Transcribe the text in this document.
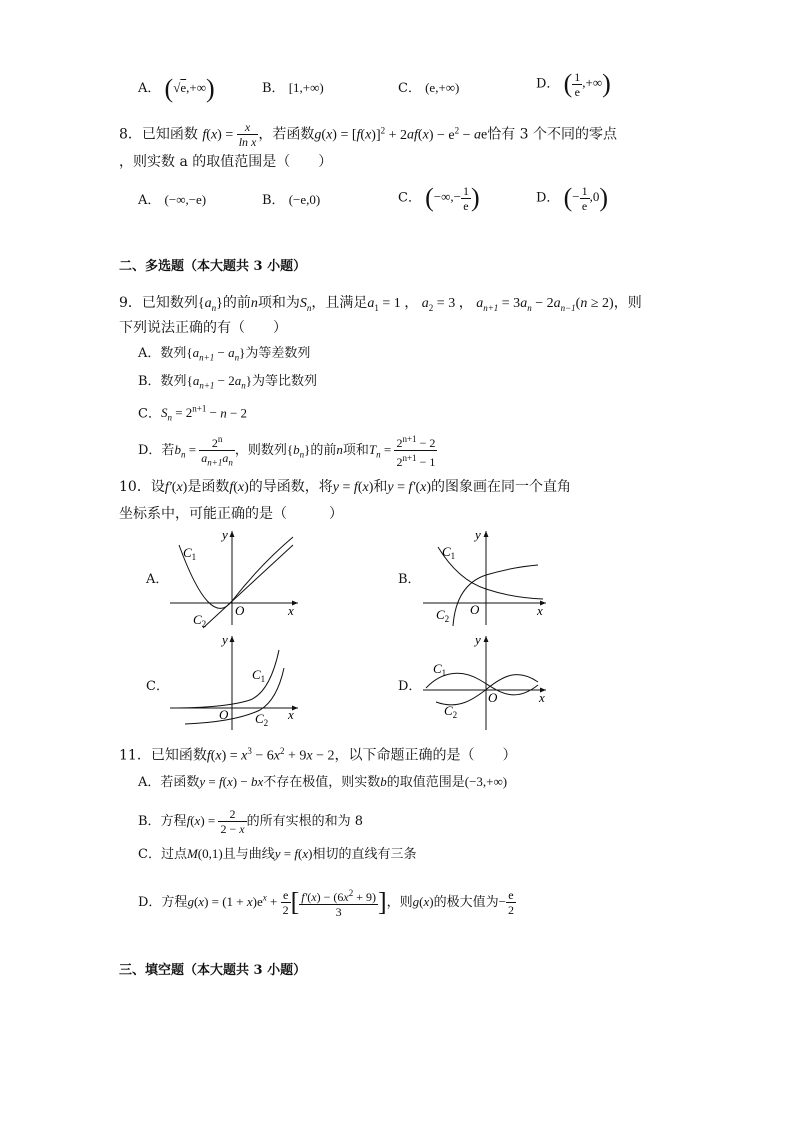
A． (√e,+∞)	B． [1,+∞)	C． (e,+∞)	D． ( $\frac{1}{e}$ ,+∞)
8．已知函数 $f(x) = \frac{x}{\text{ln x}}$ ，若函数$g(x) = [f(x)]^2 + 2af(x) - e^2$ − ae恰有 3 个不同的零点
，则实数 a 的取值范围是（　　）
A． (−∞,−e)	B． (−e,0)	C． (−∞,− $\frac{1}{e}$ )	D． (− $\frac{1}{e} ,0$)
二、多选题（本大题共 3 小题）
9．已知数列$\{a_n\}$的前n项和为$S_n$，且满足$a_1 = 1$ ， $a_2 = 3$ ， $a_{n+1} = 3a_n - 2a_{n-1}(n \ge 2)$，则
下列说法正确的有（　　）
A．数列$\{a_{n+1} - a_n\}$为等差数列
B．数列$\{a_{n+1} - 2a_n\}$为等比数列
C．$S_n = 2^{n+1} - n - 2$
D．若$b_n = \frac{2^n}{a_{n+1}a_n}$ ，则数列$\{b_n\}$的前n项和$T_n = \frac{2^{n+1} - 2}{2^{n+1} - 1}$
10．设f′(x)是函数f(x)的导函数，将y = f(x)和y = f′(x)的图象画在同一个直角
坐标系中，可能正确的是（　　　）
A．
$C_1$
$C_2$
O	x
y
B．
$C_1$
$C_2$
O	x
y
C．
$C_1$
$C_2$
O	x
y
D．
$C_1$
$C_2$
O	x
y
11．已知函数$f(x) = x^3 - 6x^2 + 9x - 2$，以下命题正确的是（　　）
A．若函数y = f(x) − bx不存在极值，则实数b的取值范围是(−3,+∞)
B．方程$f(x) = \frac{2}{2 - x}$ 的所有实根的和为 8
C．过点M(0,1)且与曲线y = f(x)相切的直线有三条
D．方程$g(x) = (1 + x)e^x + \frac{e}{2}$ [ $\frac{f'(x) - (6x^2 + 9)}{3}$ ]，则g(x)的极大值为− $\frac{e}{2}$
三、填空题（本大题共 3 小题）
